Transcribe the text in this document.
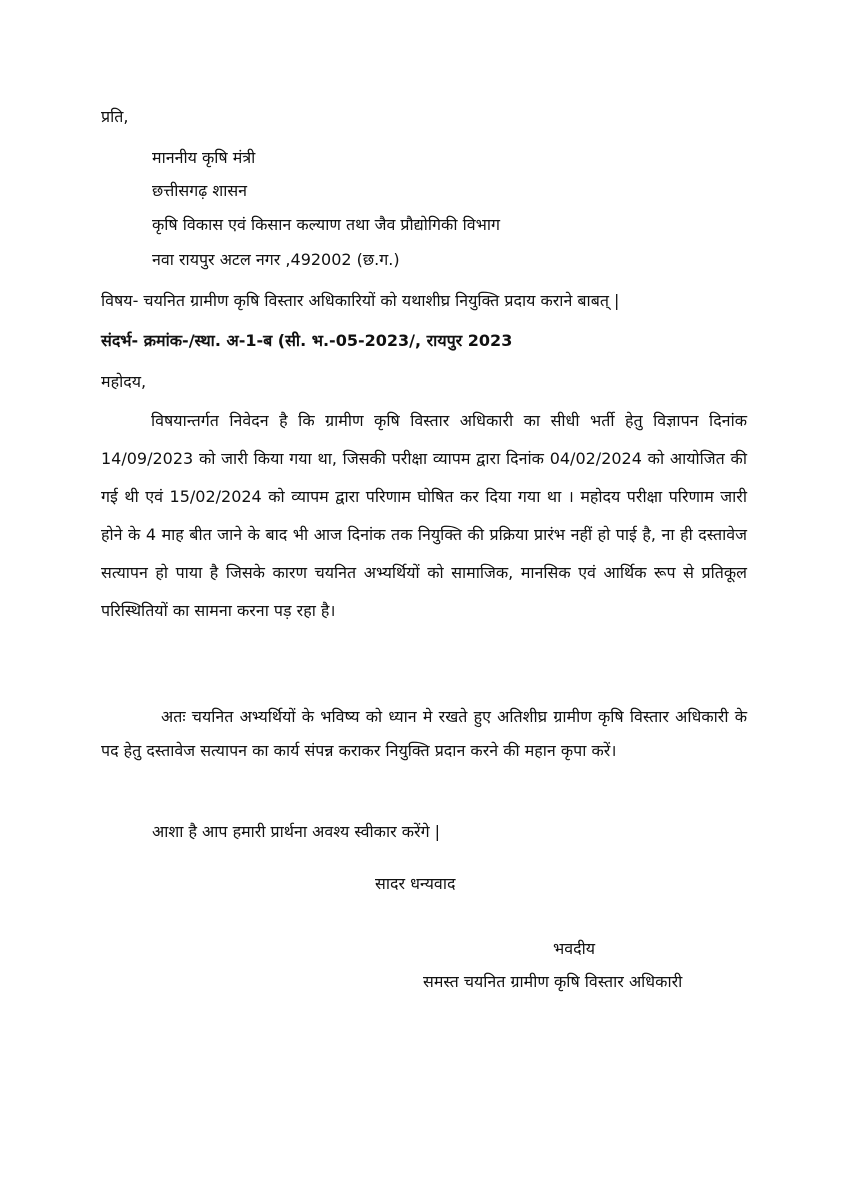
प्रति,
माननीय कृषि मंत्री
छत्तीसगढ़ शासन
कृषि विकास एवं किसान कल्याण तथा जैव प्रौद्योगिकी विभाग
नवा रायपुर अटल नगर ,492002 (छ.ग.)
विषय- चयनित ग्रामीण कृषि विस्तार अधिकारियों को यथाशीघ्र नियुक्ति प्रदाय कराने बाबत् |
संदर्भ- क्रमांक-/स्था. अ-1-ब (सी. भ.-05-2023/, रायपुर 2023
महोदय,
विषयान्तर्गत निवेदन है कि ग्रामीण कृषि विस्तार अधिकारी का सीधी भर्ती हेतु विज्ञापन दिनांक 14/09/2023 को जारी किया गया था, जिसकी परीक्षा व्यापम द्वारा दिनांक 04/02/2024 को आयोजित की गई थी एवं 15/02/2024 को व्यापम द्वारा परिणाम घोषित कर दिया गया था । महोदय परीक्षा परिणाम जारी होने के 4 माह बीत जाने के बाद भी आज दिनांक तक नियुक्ति की प्रक्रिया प्रारंभ नहीं हो पाई है, ना ही दस्तावेज सत्यापन हो पाया है जिसके कारण चयनित अभ्यर्थियों को सामाजिक, मानसिक एवं आर्थिक रूप से प्रतिकूल परिस्थितियों का सामना करना पड़ रहा है।
अतः चयनित अभ्यर्थियों के भविष्य को ध्यान मे रखते हुए अतिशीघ्र ग्रामीण कृषि विस्तार अधिकारी के पद हेतु दस्तावेज सत्यापन का कार्य संपन्न कराकर नियुक्ति प्रदान करने की महान कृपा करें।
आशा है आप हमारी प्रार्थना अवश्य स्वीकार करेंगे |
सादर धन्यवाद
भवदीय
समस्त चयनित ग्रामीण कृषि विस्तार अधिकारी
